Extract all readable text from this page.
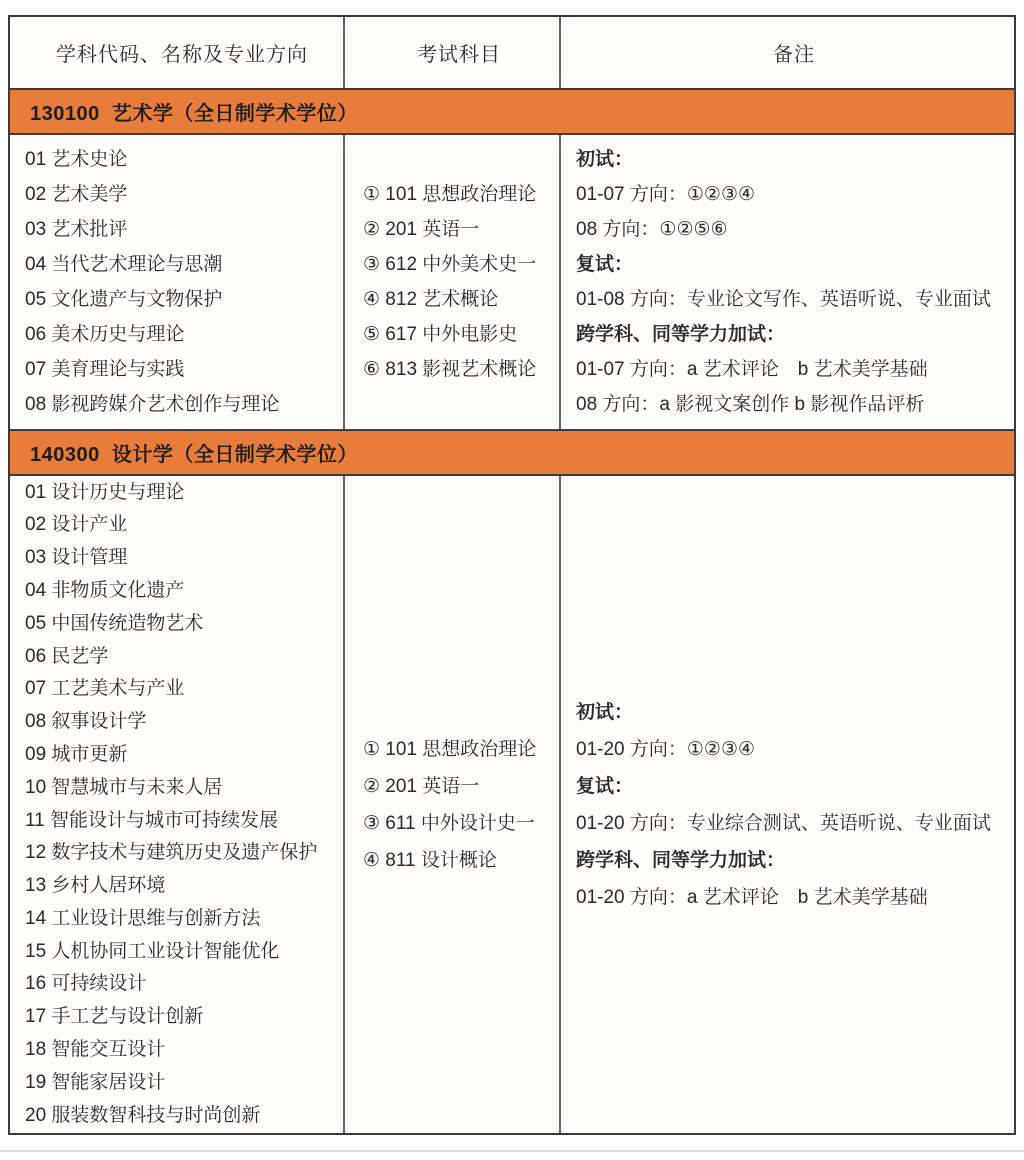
学科代码、名称及专业方向	考试科目	备注
130100  艺术学（全日制学术学位）
01 艺术史论
02 艺术美学
03 艺术批评
04 当代艺术理论与思潮
05 文化遗产与文物保护
06 美术历史与理论
07 美育理论与实践
08 影视跨媒介艺术创作与理论
① 101 思想政治理论
② 201 英语一
③ 612 中外美术史一
④ 812 艺术概论
⑤ 617 中外电影史
⑥ 813 影视艺术概论
初试：
01-07 方向：①②③④
08 方向：①②⑤⑥
复试：
01-08 方向：专业论文写作、英语听说、专业面试
跨学科、同等学力加试：
01-07 方向：a 艺术评论　b 艺术美学基础
08 方向：a 影视文案创作 b 影视作品评析
140300  设计学（全日制学术学位）
01 设计历史与理论
02 设计产业
03 设计管理
04 非物质文化遗产
05 中国传统造物艺术
06 民艺学
07 工艺美术与产业
08 叙事设计学
09 城市更新
10 智慧城市与未来人居
11 智能设计与城市可持续发展
12 数字技术与建筑历史及遗产保护
13 乡村人居环境
14 工业设计思维与创新方法
15 人机协同工业设计智能优化
16 可持续设计
17 手工艺与设计创新
18 智能交互设计
19 智能家居设计
20 服装数智科技与时尚创新
① 101 思想政治理论
② 201 英语一
③ 611 中外设计史一
④ 811 设计概论
初试：
01-20 方向：①②③④
复试：
01-20 方向：专业综合测试、英语听说、专业面试
跨学科、同等学力加试：
01-20 方向：a 艺术评论　b 艺术美学基础
